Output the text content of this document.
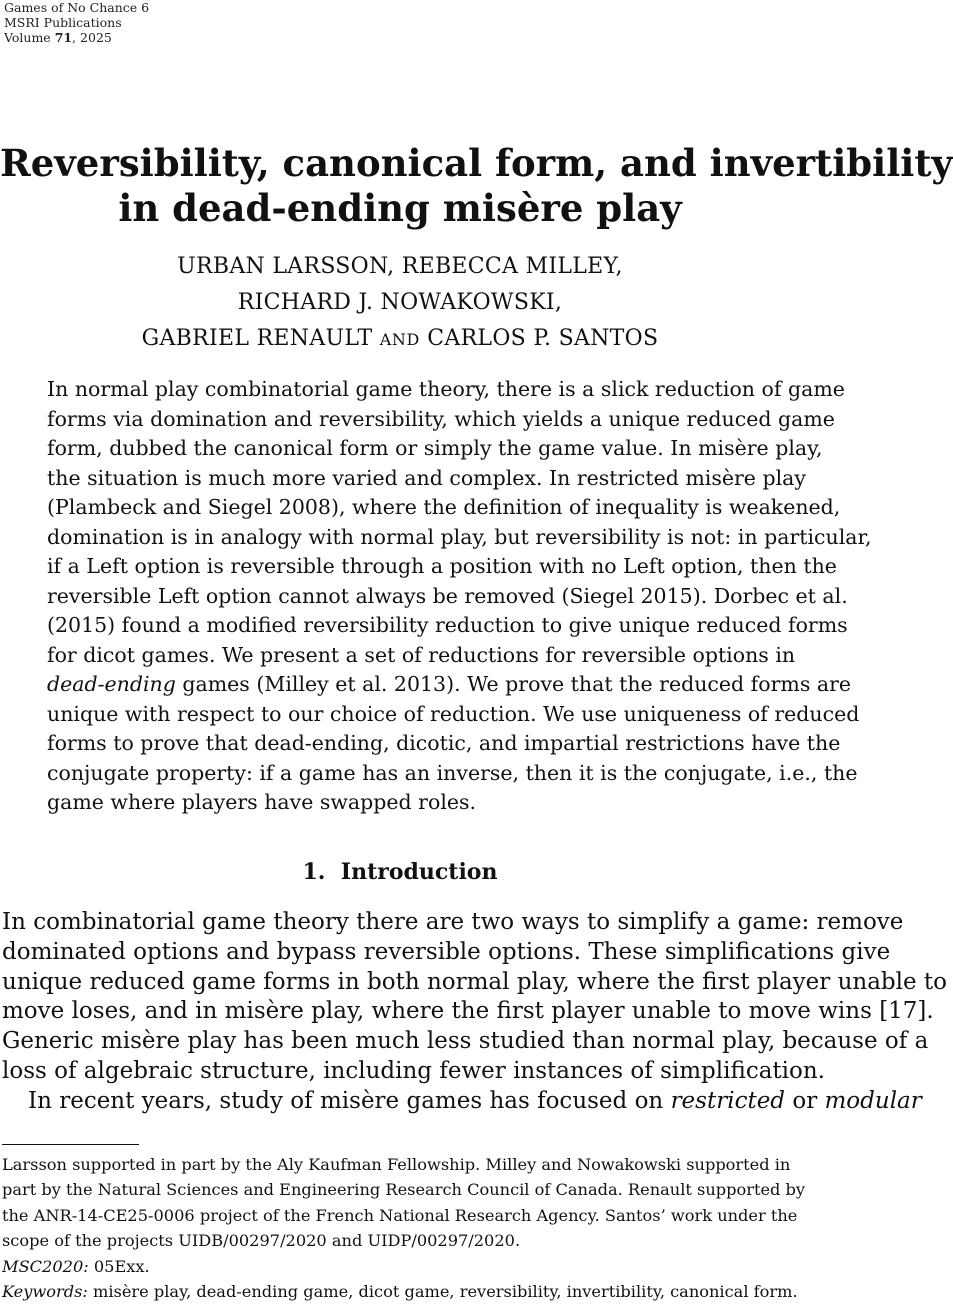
Games of No Chance 6
MSRI Publications
Volume 71, 2025
Reversibility, canonical form, and invertibility
in dead-ending misère play
URBAN LARSSON, REBECCA MILLEY,
RICHARD J. NOWAKOWSKI,
GABRIEL RENAULT AND CARLOS P. SANTOS
In normal play combinatorial game theory, there is a slick reduction of game
forms via domination and reversibility, which yields a unique reduced game
form, dubbed the canonical form or simply the game value. In misère play,
the situation is much more varied and complex. In restricted misère play
(Plambeck and Siegel 2008), where the definition of inequality is weakened,
domination is in analogy with normal play, but reversibility is not: in particular,
if a Left option is reversible through a position with no Left option, then the
reversible Left option cannot always be removed (Siegel 2015). Dorbec et al.
(2015) found a modified reversibility reduction to give unique reduced forms
for dicot games. We present a set of reductions for reversible options in
dead-ending games (Milley et al. 2013). We prove that the reduced forms are
unique with respect to our choice of reduction. We use uniqueness of reduced
forms to prove that dead-ending, dicotic, and impartial restrictions have the
conjugate property: if a game has an inverse, then it is the conjugate, i.e., the
game where players have swapped roles.
1. Introduction
In combinatorial game theory there are two ways to simplify a game: remove
dominated options and bypass reversible options. These simplifications give
unique reduced game forms in both normal play, where the first player unable to
move loses, and in misère play, where the first player unable to move wins [17].
Generic misère play has been much less studied than normal play, because of a
loss of algebraic structure, including fewer instances of simplification.
In recent years, study of misère games has focused on restricted or modular
Larsson supported in part by the Aly Kaufman Fellowship. Milley and Nowakowski supported in
part by the Natural Sciences and Engineering Research Council of Canada. Renault supported by
the ANR-14-CE25-0006 project of the French National Research Agency. Santos’ work under the
scope of the projects UIDB/00297/2020 and UIDP/00297/2020.
MSC2020: 05Exx.
Keywords: misère play, dead-ending game, dicot game, reversibility, invertibility, canonical form.
